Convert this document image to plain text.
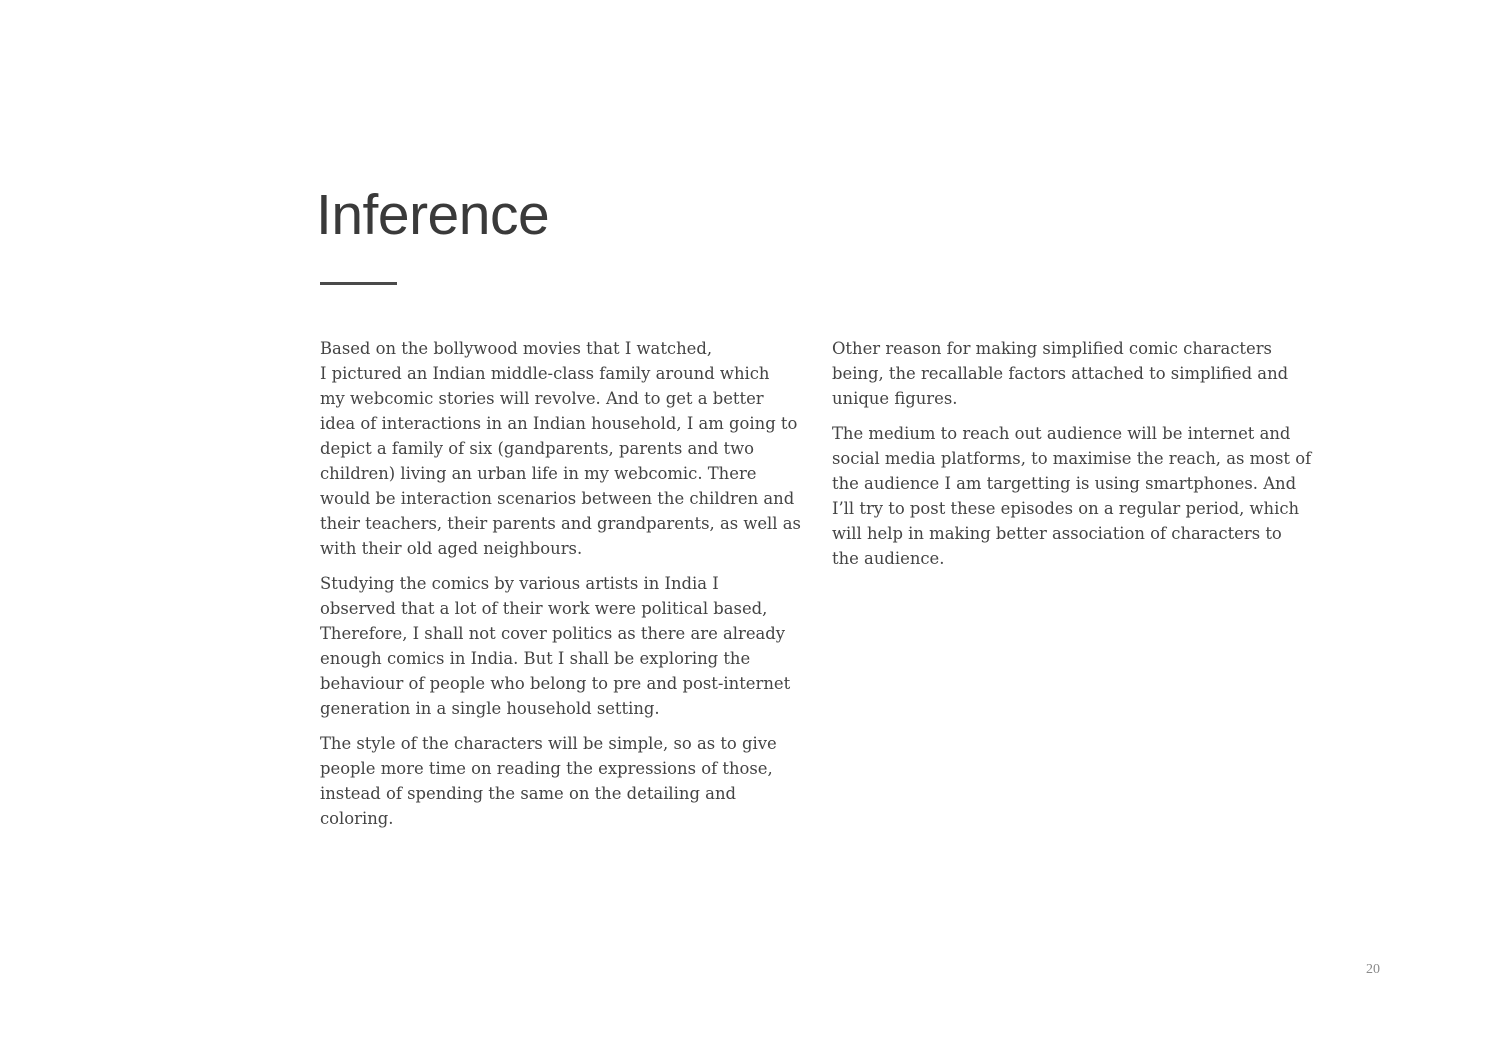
Inference

Based on the bollywood movies that I watched,
I pictured an Indian middle-class family around which
my webcomic stories will revolve. And to get a better
idea of interactions in an Indian household, I am going to
depict a family of six (gandparents, parents and two
children) living an urban life in my webcomic. There
would be interaction scenarios between the children and
their teachers, their parents and grandparents, as well as
with their old aged neighbours.

Studying the comics by various artists in India I
observed that a lot of their work were political based,
Therefore, I shall not cover politics as there are already
enough comics in India. But I shall be exploring the
behaviour of people who belong to pre and post-internet
generation in a single household setting.

The style of the characters will be simple, so as to give
people more time on reading the expressions of those,
instead of spending the same on the detailing and
coloring.

Other reason for making simplified comic characters
being, the recallable factors attached to simplified and
unique figures.

The medium to reach out audience will be internet and
social media platforms, to maximise the reach, as most of
the audience I am targetting is using smartphones. And
I’ll try to post these episodes on a regular period, which
will help in making better association of characters to
the audience.

20
